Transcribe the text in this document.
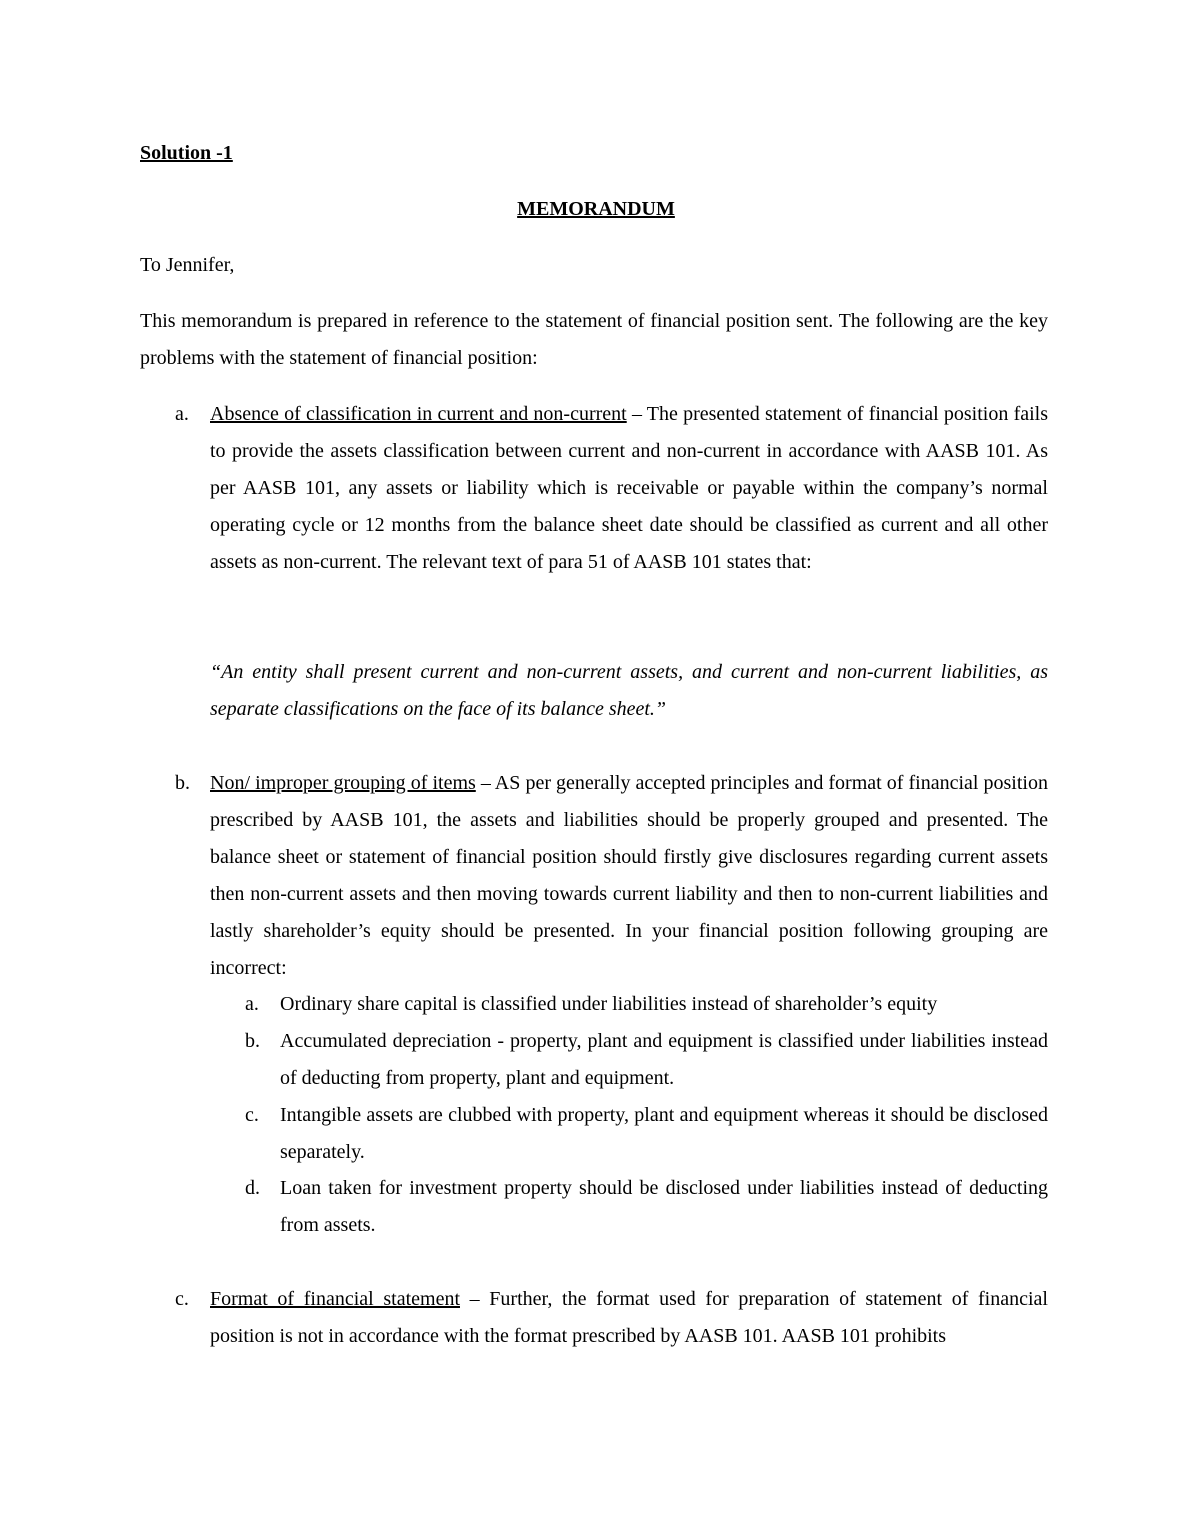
Solution -1
MEMORANDUM
To Jennifer,
This memorandum is prepared in reference to the statement of financial position sent. The following are the key problems with the statement of financial position:
a. Absence of classification in current and non-current – The presented statement of financial position fails to provide the assets classification between current and non-current in accordance with AASB 101. As per AASB 101, any assets or liability which is receivable or payable within the company’s normal operating cycle or 12 months from the balance sheet date should be classified as current and all other assets as non-current. The relevant text of para 51 of AASB 101 states that:
“An entity shall present current and non-current assets, and current and non-current liabilities, as separate classifications on the face of its balance sheet.”
b. Non/ improper grouping of items – AS per generally accepted principles and format of financial position prescribed by AASB 101, the assets and liabilities should be properly grouped and presented. The balance sheet or statement of financial position should firstly give disclosures regarding current assets then non-current assets and then moving towards current liability and then to non-current liabilities and lastly shareholder’s equity should be presented. In your financial position following grouping are incorrect:
a. Ordinary share capital is classified under liabilities instead of shareholder’s equity
b. Accumulated depreciation - property, plant and equipment is classified under liabilities instead of deducting from property, plant and equipment.
c. Intangible assets are clubbed with property, plant and equipment whereas it should be disclosed separately.
d. Loan taken for investment property should be disclosed under liabilities instead of deducting from assets.
c. Format of financial statement – Further, the format used for preparation of statement of financial position is not in accordance with the format prescribed by AASB 101. AASB 101 prohibits
